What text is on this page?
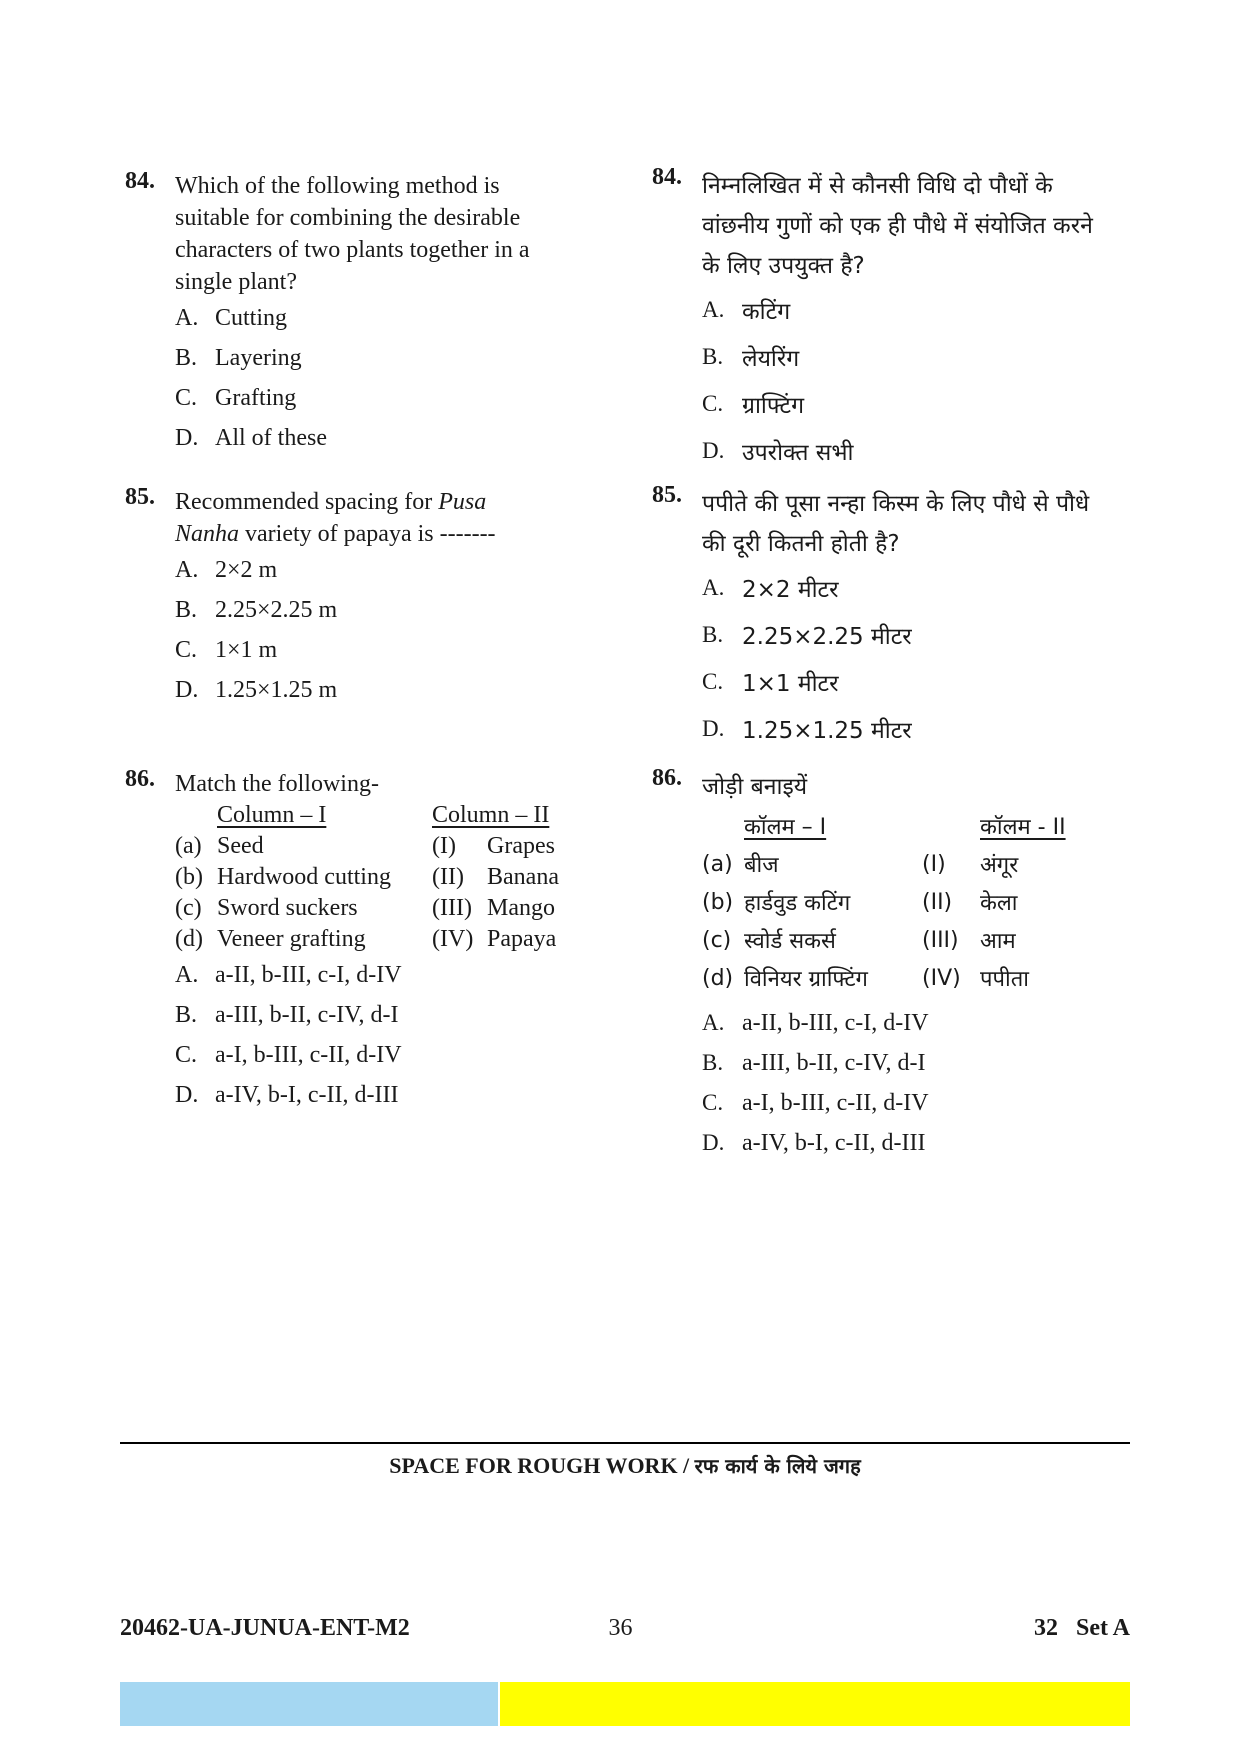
84. Which of the following method is
suitable for combining the desirable
characters of two plants together in a
single plant?
A. Cutting
B. Layering
C. Grafting
D. All of these
85. Recommended spacing for Pusa
Nanha variety of papaya is -------
A. 2×2 m
B. 2.25×2.25 m
C. 1×1 m
D. 1.25×1.25 m
86. Match the following-
Column – I	Column – II
(a) Seed	(I)	Grapes
(b) Hardwood cutting	(II) Banana
(c) Sword suckers	(III) Mango
(d) Veneer grafting	(IV) Papaya
A. a-II, b-III, c-I, d-IV
B. a-III, b-II, c-IV, d-I
C. a-I, b-III, c-II, d-IV
D. a-IV, b-I, c-II, d-III
84. निम्नलिखित में से कौनसी विधि दो पौधों के
वांछनीय गुणों को एक ही पौधे में संयोजित करने
के लिए उपयुक्त है?
A. कटिंग
B. लेयरिंग
C. ग्राफ्टिंग
D. उपरोक्त सभी
85. पपीते की पूसा नन्हा किस्म के लिए पौधे से पौधे
की दूरी कितनी होती है?
A. 2×2 मीटर
B. 2.25×2.25 मीटर
C. 1×1 मीटर
D. 1.25×1.25 मीटर
86. जोड़ी बनाइयें
कॉलम – I	कॉलम - II
(a) बीज	(I)	अंगूर
(b) हार्डवुड कटिंग	(II)	केला
(c) स्वोर्ड सकर्स	(III) आम
(d) विनियर ग्राफ्टिंग	(IV) पपीता
A. a-II, b-III, c-I, d-IV
B. a-III, b-II, c-IV, d-I
C. a-I, b-III, c-II, d-IV
D. a-IV, b-I, c-II, d-III
SPACE FOR ROUGH WORK / रफ कार्य के लिये जगह
36
20462-UA-JUNUA-ENT-M2	32   Set A
